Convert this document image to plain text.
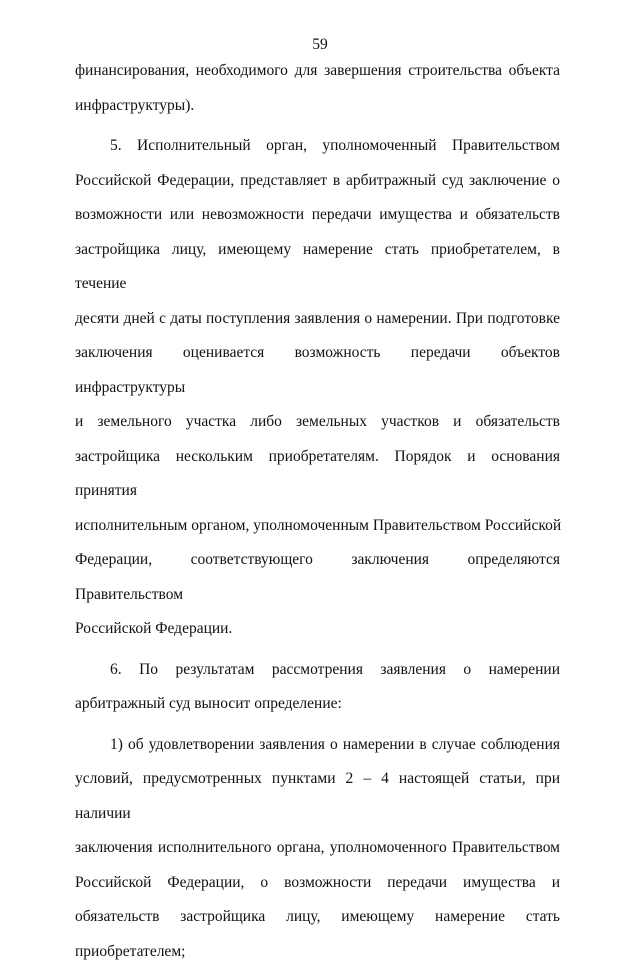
59
финансирования, необходимого для завершения строительства объекта
инфраструктуры).
5. Исполнительный орган, уполномоченный Правительством
Российской Федерации, представляет в арбитражный суд заключение о
возможности или невозможности передачи имущества и обязательств
застройщика лицу, имеющему намерение стать приобретателем, в течение
десяти дней с даты поступления заявления о намерении. При подготовке
заключения оценивается возможность передачи объектов инфраструктуры
и земельного участка либо земельных участков и обязательств
застройщика нескольким приобретателям. Порядок и основания принятия
исполнительным органом, уполномоченным Правительством Российской
Федерации, соответствующего заключения определяются Правительством
Российской Федерации.
6. По результатам рассмотрения заявления о намерении
арбитражный суд выносит определение:
1) об удовлетворении заявления о намерении в случае соблюдения
условий, предусмотренных пунктами 2 – 4 настоящей статьи, при наличии
заключения исполнительного органа, уполномоченного Правительством
Российской Федерации, о возможности передачи имущества и
обязательств застройщика лицу, имеющему намерение стать
приобретателем;
